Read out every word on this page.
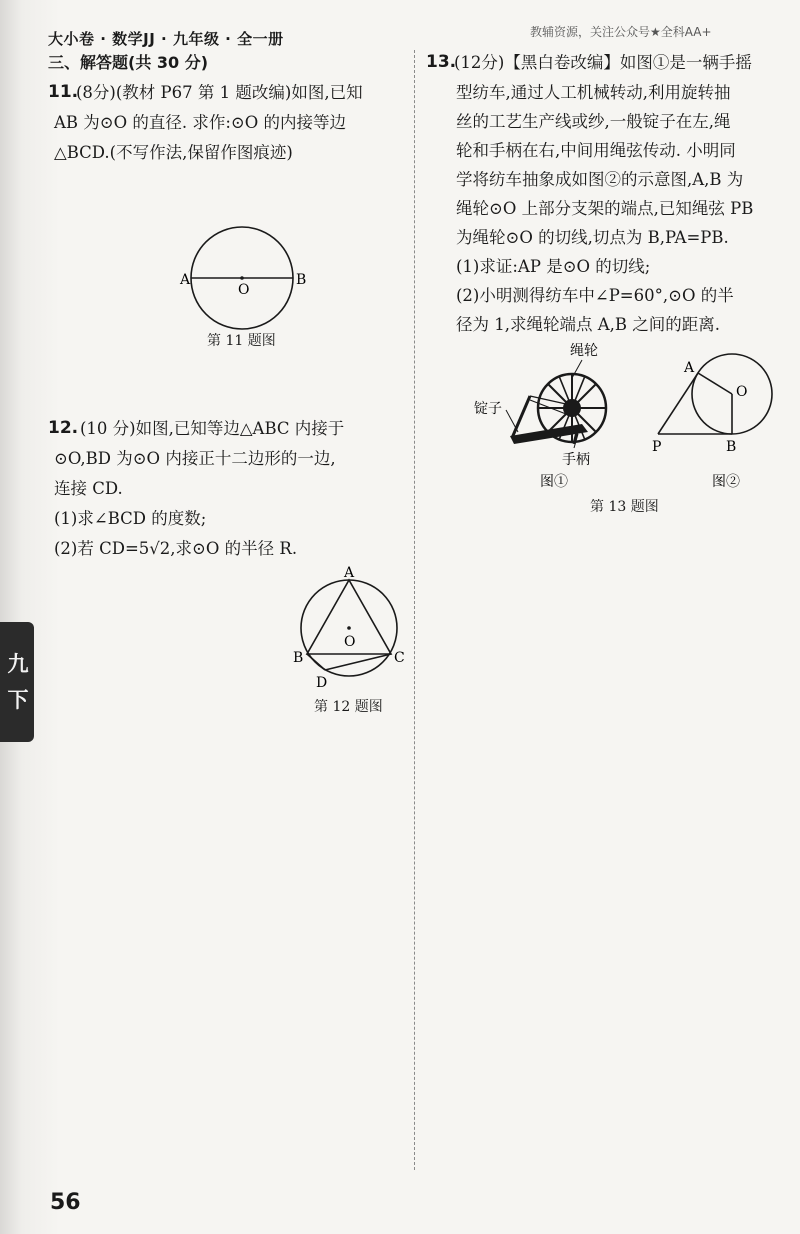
大小卷 · 数学JJ · 九年级 · 全一册	教辅资源，关注公众号★全科AA+
三、解答题(共 30 分)
11.
(8分)(教材 P67 第 1 题改编)如图,已知
AB 为⊙O 的直径. 求作:⊙O 的内接等边
△BCD.(不写作法,保留作图痕迹)
A	B
O
第 11 题图
12. (10 分)如图,已知等边△ABC 内接于
⊙O,BD 为⊙O 内接正十二边形的一边,
连接 CD.
(1)求∠BCD 的度数;
(2)若 CD=5√2,求⊙O 的半径 R.
A
B	C
D
O
第 12 题图
13.
(12分)【黑白卷改编】如图①是一辆手摇
型纺车,通过人工机械转动,利用旋转抽
丝的工艺生产线或纱,一般锭子在左,绳
轮和手柄在右,中间用绳弦传动. 小明同
学将纺车抽象成如图②的示意图,A,B 为
绳轮⊙O 上部分支架的端点,已知绳弦 PB
为绳轮⊙O 的切线,切点为 B,PA=PB.
(1)求证:AP 是⊙O 的切线;
(2)小明测得纺车中∠P=60°,⊙O 的半
径为 1,求绳轮端点 A,B 之间的距离.
绳轮
锭子
手柄
图①
A
O
P	B
图②
第 13 题图
九
下
56
